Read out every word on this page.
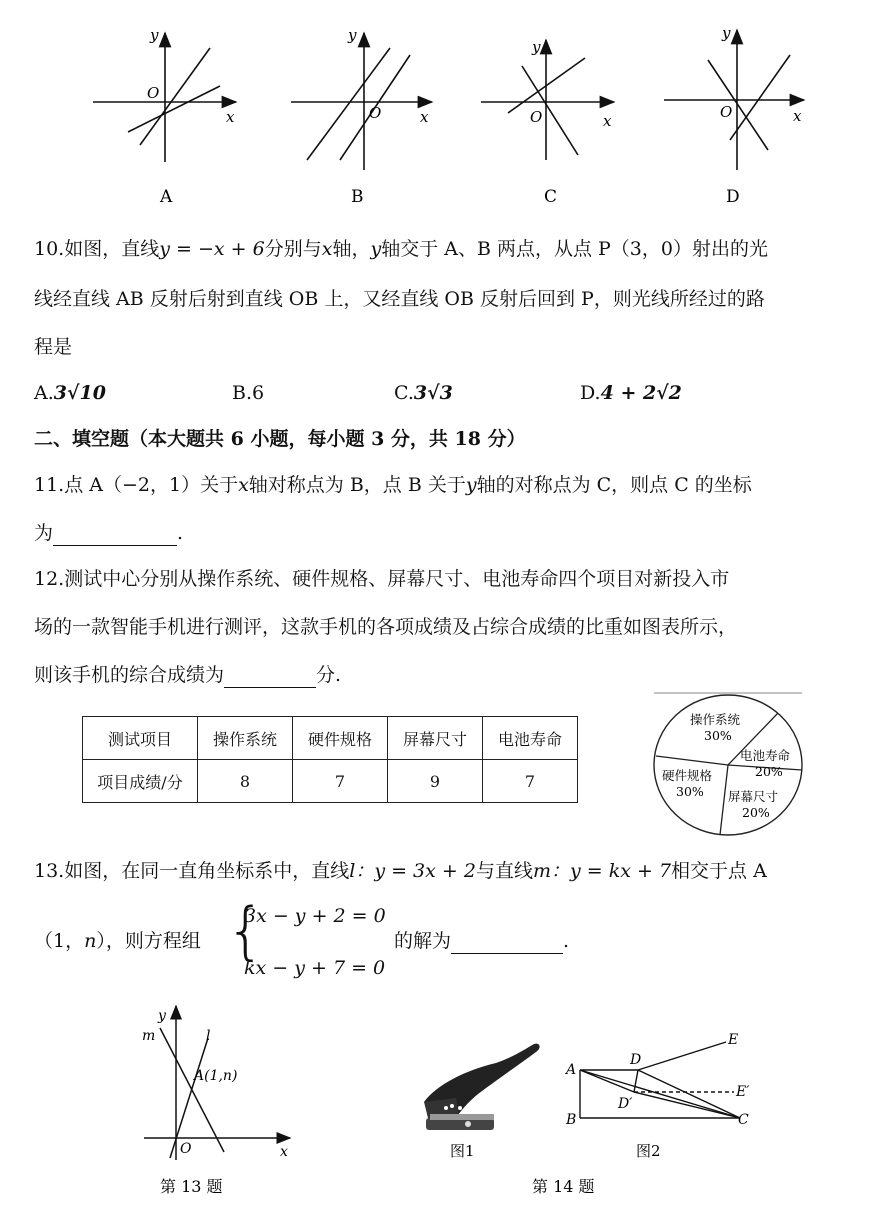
y
O
x
y
O	x
y
O	x
y
O	x
A	B	C	D
10.如图，直线y = −x + 6分别与x轴，y轴交于 A、B 两点，从点 P（3，0）射出的光
线经直线 AB 反射后射到直线 OB 上，又经直线 OB 反射后回到 P，则光线所经过的路
程是
A.3√10	B.6	C.3√3	D.4 + 2√2
二、填空题（本大题共 6 小题，每小题 3 分，共 18 分）
11.点 A（−2，1）关于x轴对称点为 B，点 B 关于y轴的对称点为 C，则点 C 的坐标
为	.
12.测试中心分别从操作系统、硬件规格、屏幕尺寸、电池寿命四个项目对新投入市
场的一款智能手机进行测评，这款手机的各项成绩及占综合成绩的比重如图表所示，
则该手机的综合成绩为	分.
测试项目	操作系统	硬件规格	屏幕尺寸	电池寿命
项目成绩/分	8	7	9	7
操作系统
30%
电池寿命
20%
屏幕尺寸
20%
硬件规格
30%
13.如图，在同一直角坐标系中，直线l：y = 3x + 2与直线m：y = kx + 7相交于点 A
（1，n），则方程组 {
3x − y + 2 = 0
kx − y + 7 = 0
的解为	.
y
m	l
A(1,n)
O	x
第 13 题
图1
A
B	C
D
D′
E
E′
图2
第 14 题
